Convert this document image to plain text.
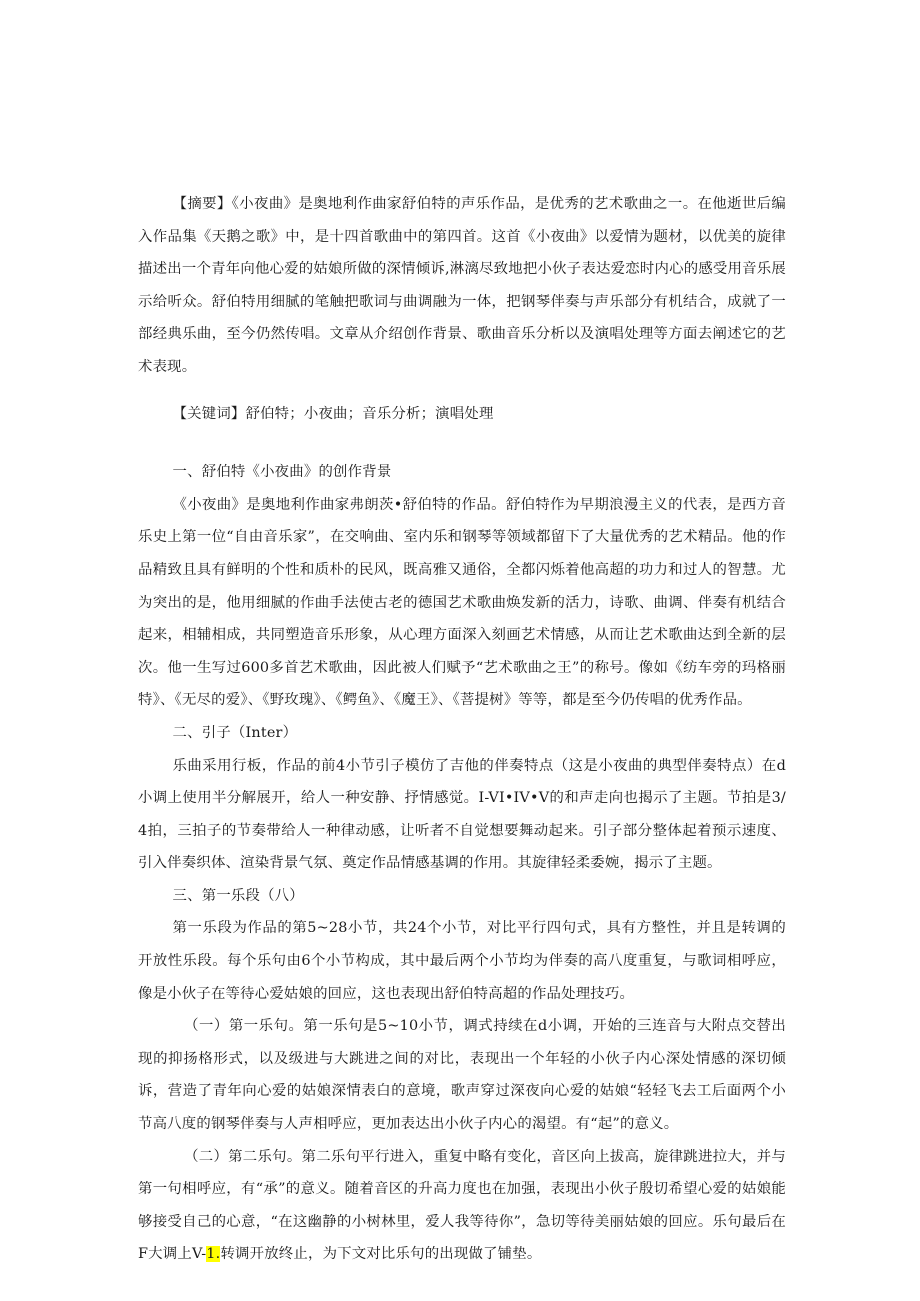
【摘要】《小夜曲》是奥地利作曲家舒伯特的声乐作品，是优秀的艺术歌曲之一。在他逝世后编入作品集《天鹅之歌》中，是十四首歌曲中的第四首。这首《小夜曲》以爱情为题材，以优美的旋律描述出一个青年向他心爱的姑娘所做的深情倾诉,淋漓尽致地把小伙子表达爱恋时内心的感受用音乐展示给听众。舒伯特用细腻的笔触把歌词与曲调融为一体，把钢琴伴奏与声乐部分有机结合，成就了一部经典乐曲，至今仍然传唱。文章从介绍创作背景、歌曲音乐分析以及演唱处理等方面去阐述它的艺术表现。

【关键词】舒伯特；小夜曲；音乐分析；演唱处理

一、舒伯特《小夜曲》的创作背景

《小夜曲》是奥地利作曲家弗朗茨•舒伯特的作品。舒伯特作为早期浪漫主义的代表，是西方音乐史上第一位“自由音乐家”，在交响曲、室内乐和钢琴等领域都留下了大量优秀的艺术精品。他的作品精致且具有鲜明的个性和质朴的民风，既高雅又通俗，全都闪烁着他高超的功力和过人的智慧。尤为突出的是，他用细腻的作曲手法使古老的德国艺术歌曲焕发新的活力，诗歌、曲调、伴奏有机结合起来，相辅相成，共同塑造音乐形象，从心理方面深入刻画艺术情感，从而让艺术歌曲达到全新的层次。他一生写过600多首艺术歌曲，因此被人们赋予“艺术歌曲之王”的称号。像如《纺车旁的玛格丽特》、《无尽的爱》、《野玫瑰》、《鳄鱼》、《魔王》、《菩提树》等等，都是至今仍传唱的优秀作品。

二、引子（Inter）

乐曲采用行板，作品的前4小节引子模仿了吉他的伴奏特点（这是小夜曲的典型伴奏特点）在d小调上使用半分解展开，给人一种安静、抒情感觉。I-VI•IV•V的和声走向也揭示了主题。节拍是3/4拍，三拍子的节奏带给人一种律动感，让听者不自觉想要舞动起来。引子部分整体起着预示速度、引入伴奏织体、渲染背景气氛、奠定作品情感基调的作用。其旋律轻柔委婉，揭示了主题。

三、第一乐段（八）

第一乐段为作品的第5~28小节，共24个小节，对比平行四句式，具有方整性，并且是转调的开放性乐段。每个乐句由6个小节构成，其中最后两个小节均为伴奏的高八度重复，与歌词相呼应，像是小伙子在等待心爱姑娘的回应，这也表现出舒伯特高超的作品处理技巧。

（一）第一乐句。第一乐句是5~10小节，调式持续在d小调，开始的三连音与大附点交替出现的抑扬格形式，以及级进与大跳进之间的对比，表现出一个年轻的小伙子内心深处情感的深切倾诉，营造了青年向心爱的姑娘深情表白的意境，歌声穿过深夜向心爱的姑娘“轻轻飞去工后面两个小节高八度的钢琴伴奏与人声相呼应，更加表达出小伙子内心的渴望。有“起”的意义。

（二）第二乐句。第二乐句平行进入，重复中略有变化，音区向上拔高，旋律跳进拉大，并与第一句相呼应，有“承”的意义。随着音区的升高力度也在加强，表现出小伙子殷切希望心爱的姑娘能够接受自己的心意，“在这幽静的小树林里，爱人我等待你”，急切等待美丽姑娘的回应。乐句最后在F大调上V-1.转调开放终止，为下文对比乐句的出现做了铺垫。
